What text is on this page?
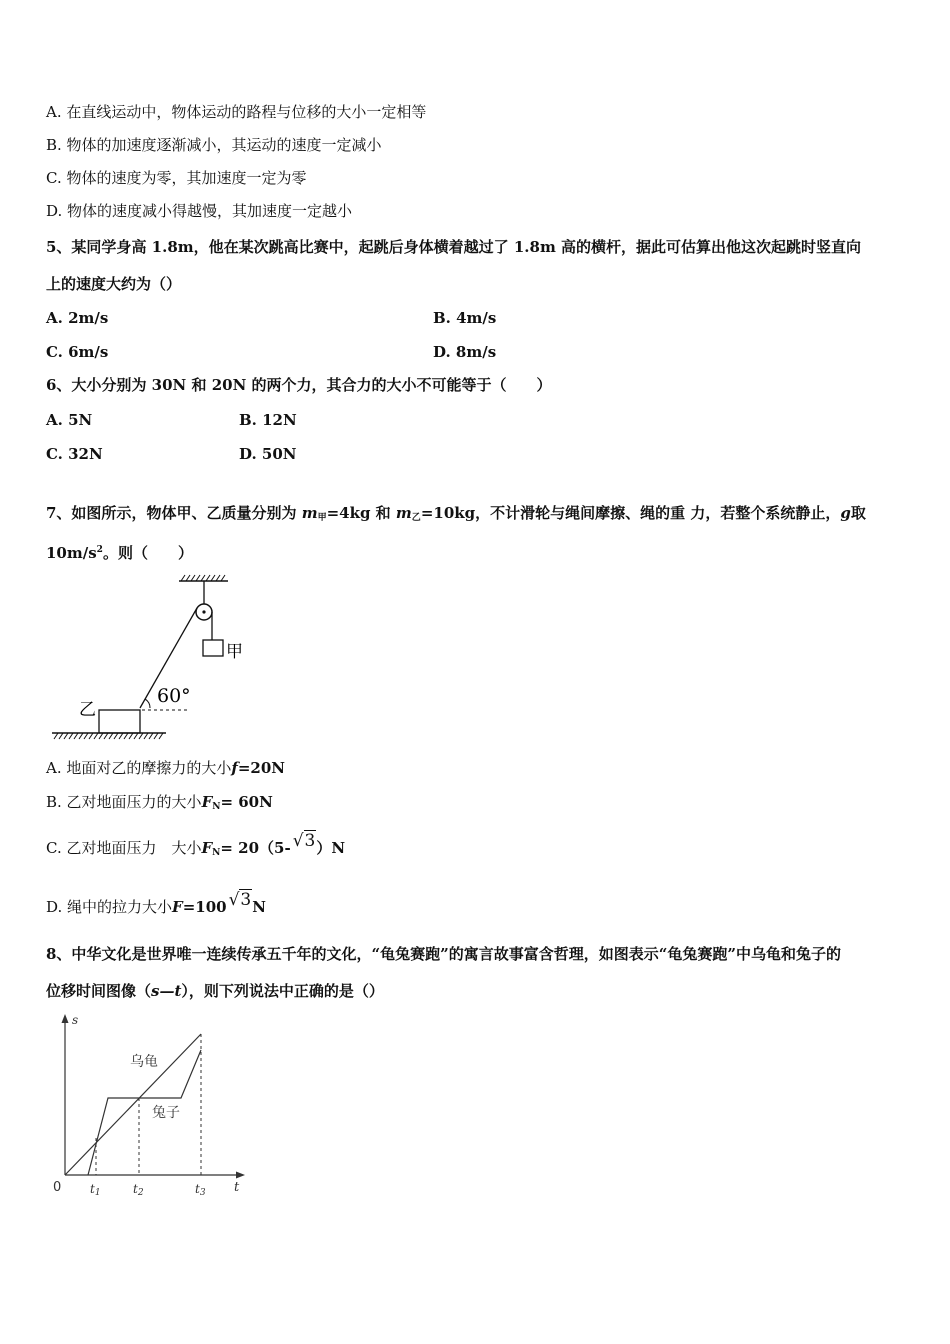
A. 在直线运动中，物体运动的路程与位移的大小一定相等
B. 物体的加速度逐渐减小，其运动的速度一定减小
C. 物体的速度为零，其加速度一定为零
D. 物体的速度减小得越慢，其加速度一定越小
5、某同学身高 1.8m，他在某次跳高比赛中，起跳后身体横着越过了 1.8m 高的横杆，据此可估算出他这次起跳时竖直向
上的速度大约为（）
A. 2m/s	B. 4m/s
C. 6m/s	D. 8m/s
6、大小分别为 30N 和 20N 的两个力，其合力的大小不可能等于（　　）
A. 5N	B. 12N
C. 32N	D. 50N
7、如图所示，物体甲、乙质量分别为 $m_甲=4kg$ 和 $m_乙=10kg$，不计滑轮与绳间摩擦、绳的重 力，若整个系统静止，g取
$10m/s^2$。则（　　）
甲
60°
乙
A. 地面对乙的摩擦力的大小f=20N
B. 乙对地面压力的大小$F_N= 60N$
C. 乙对地面压力　大小$F_N= 20(5-$ √3）N
D. 绳中的拉力大小F=100 √3N
8、中华文化是世界唯一连续传承五千年的文化，“龟兔赛跑”的寓言故事富含哲理，如图表示“龟兔赛跑”中乌龟和兔子的
位移时间图像（s—t），则下列说法中正确的是（）
s
t
0
乌龟
兔子
t1	t2	t3
